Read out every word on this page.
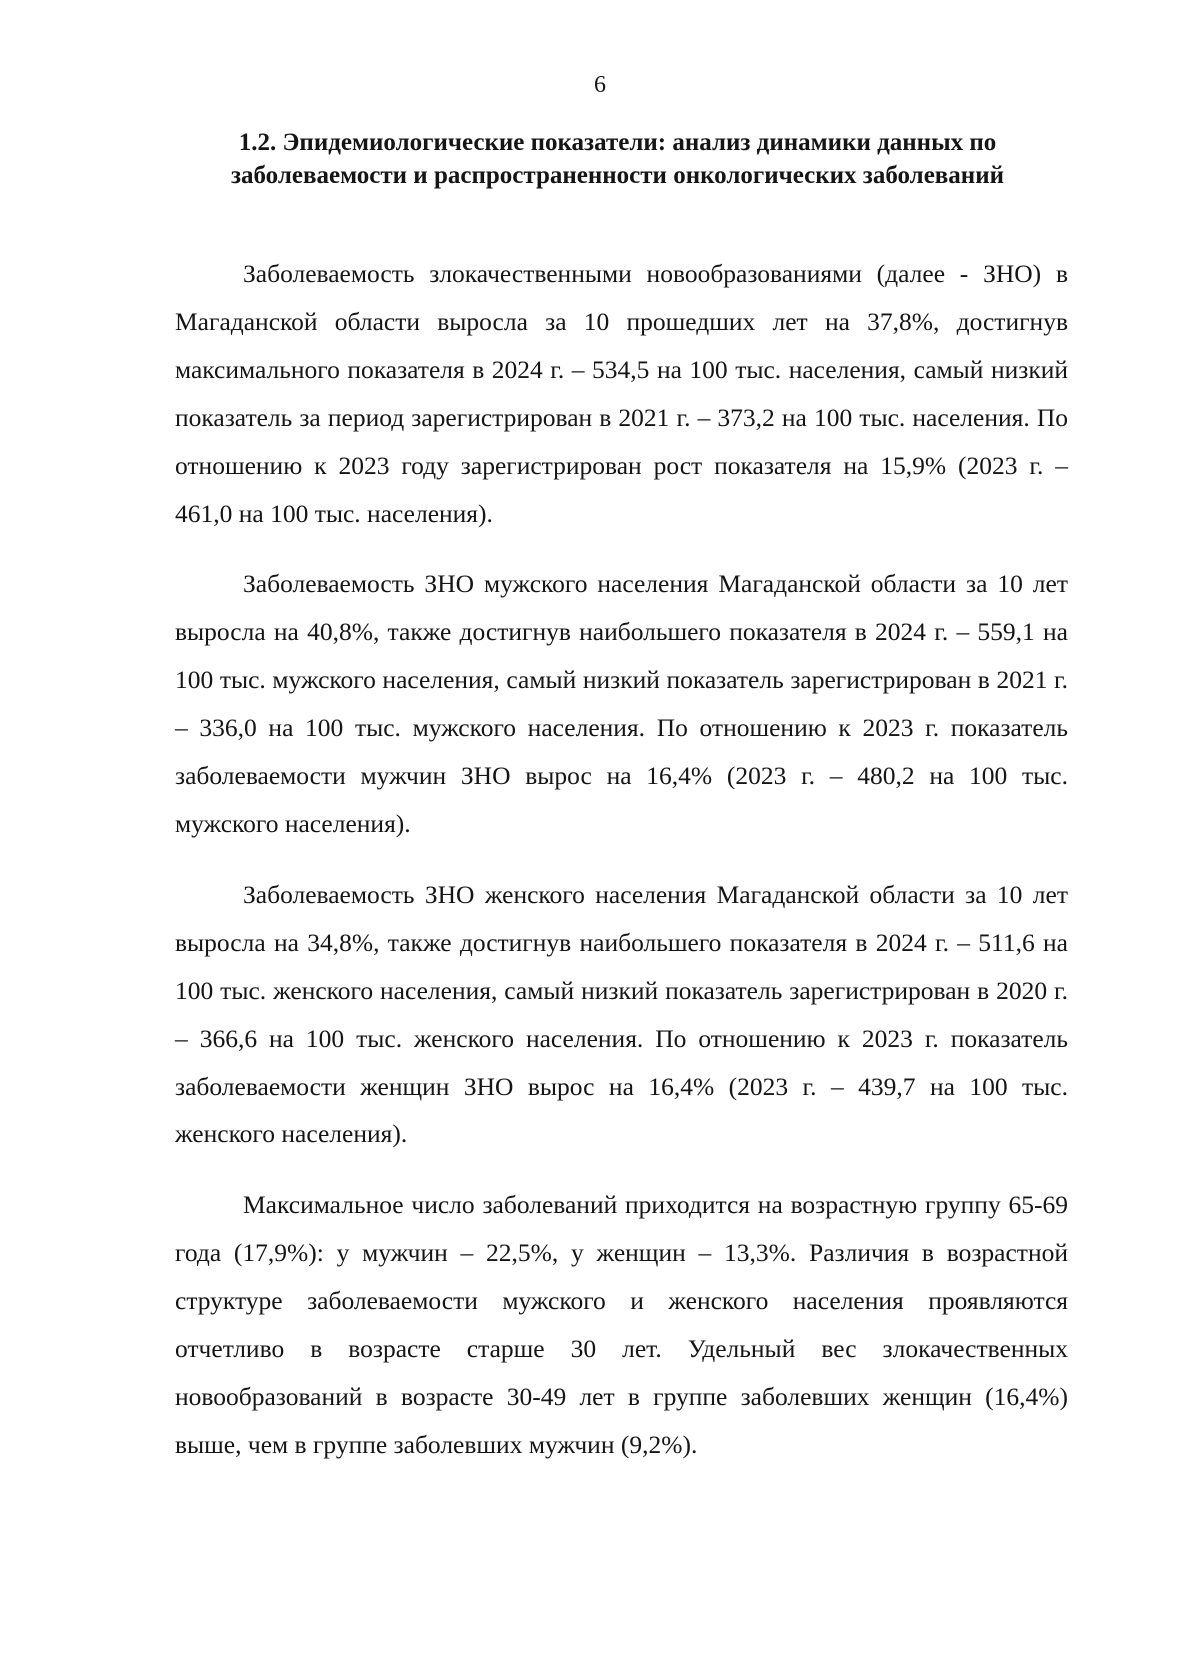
6
1.2. Эпидемиологические показатели: анализ динамики данных по заболеваемости и распространенности онкологических заболеваний

Заболеваемость злокачественными новообразованиями (далее - ЗНО) в Магаданской области выросла за 10 прошедших лет на 37,8%, достигнув максимального показателя в 2024 г. – 534,5 на 100 тыс. населения, самый низкий показатель за период зарегистрирован в 2021 г. – 373,2 на 100 тыс. населения. По отношению к 2023 году зарегистрирован рост показателя на 15,9% (2023 г. – 461,0 на 100 тыс. населения).

Заболеваемость ЗНО мужского населения Магаданской области за 10 лет выросла на 40,8%, также достигнув наибольшего показателя в 2024 г. – 559,1 на 100 тыс. мужского населения, самый низкий показатель зарегистрирован в 2021 г. – 336,0 на 100 тыс. мужского населения. По отношению к 2023 г. показатель заболеваемости мужчин ЗНО вырос на 16,4% (2023 г. – 480,2 на 100 тыс. мужского населения).

Заболеваемость ЗНО женского населения Магаданской области за 10 лет выросла на 34,8%, также достигнув наибольшего показателя в 2024 г. – 511,6 на 100 тыс. женского населения, самый низкий показатель зарегистрирован в 2020 г. – 366,6 на 100 тыс. женского населения. По отношению к 2023 г. показатель заболеваемости женщин ЗНО вырос на 16,4% (2023 г. – 439,7 на 100 тыс. женского населения).

Максимальное число заболеваний приходится на возрастную группу 65-69 года (17,9%): у мужчин – 22,5%, у женщин – 13,3%. Различия в возрастной структуре заболеваемости мужского и женского населения проявляются отчетливо в возрасте старше 30 лет. Удельный вес злокачественных новообразований в возрасте 30-49 лет в группе заболевших женщин (16,4%) выше, чем в группе заболевших мужчин (9,2%).
